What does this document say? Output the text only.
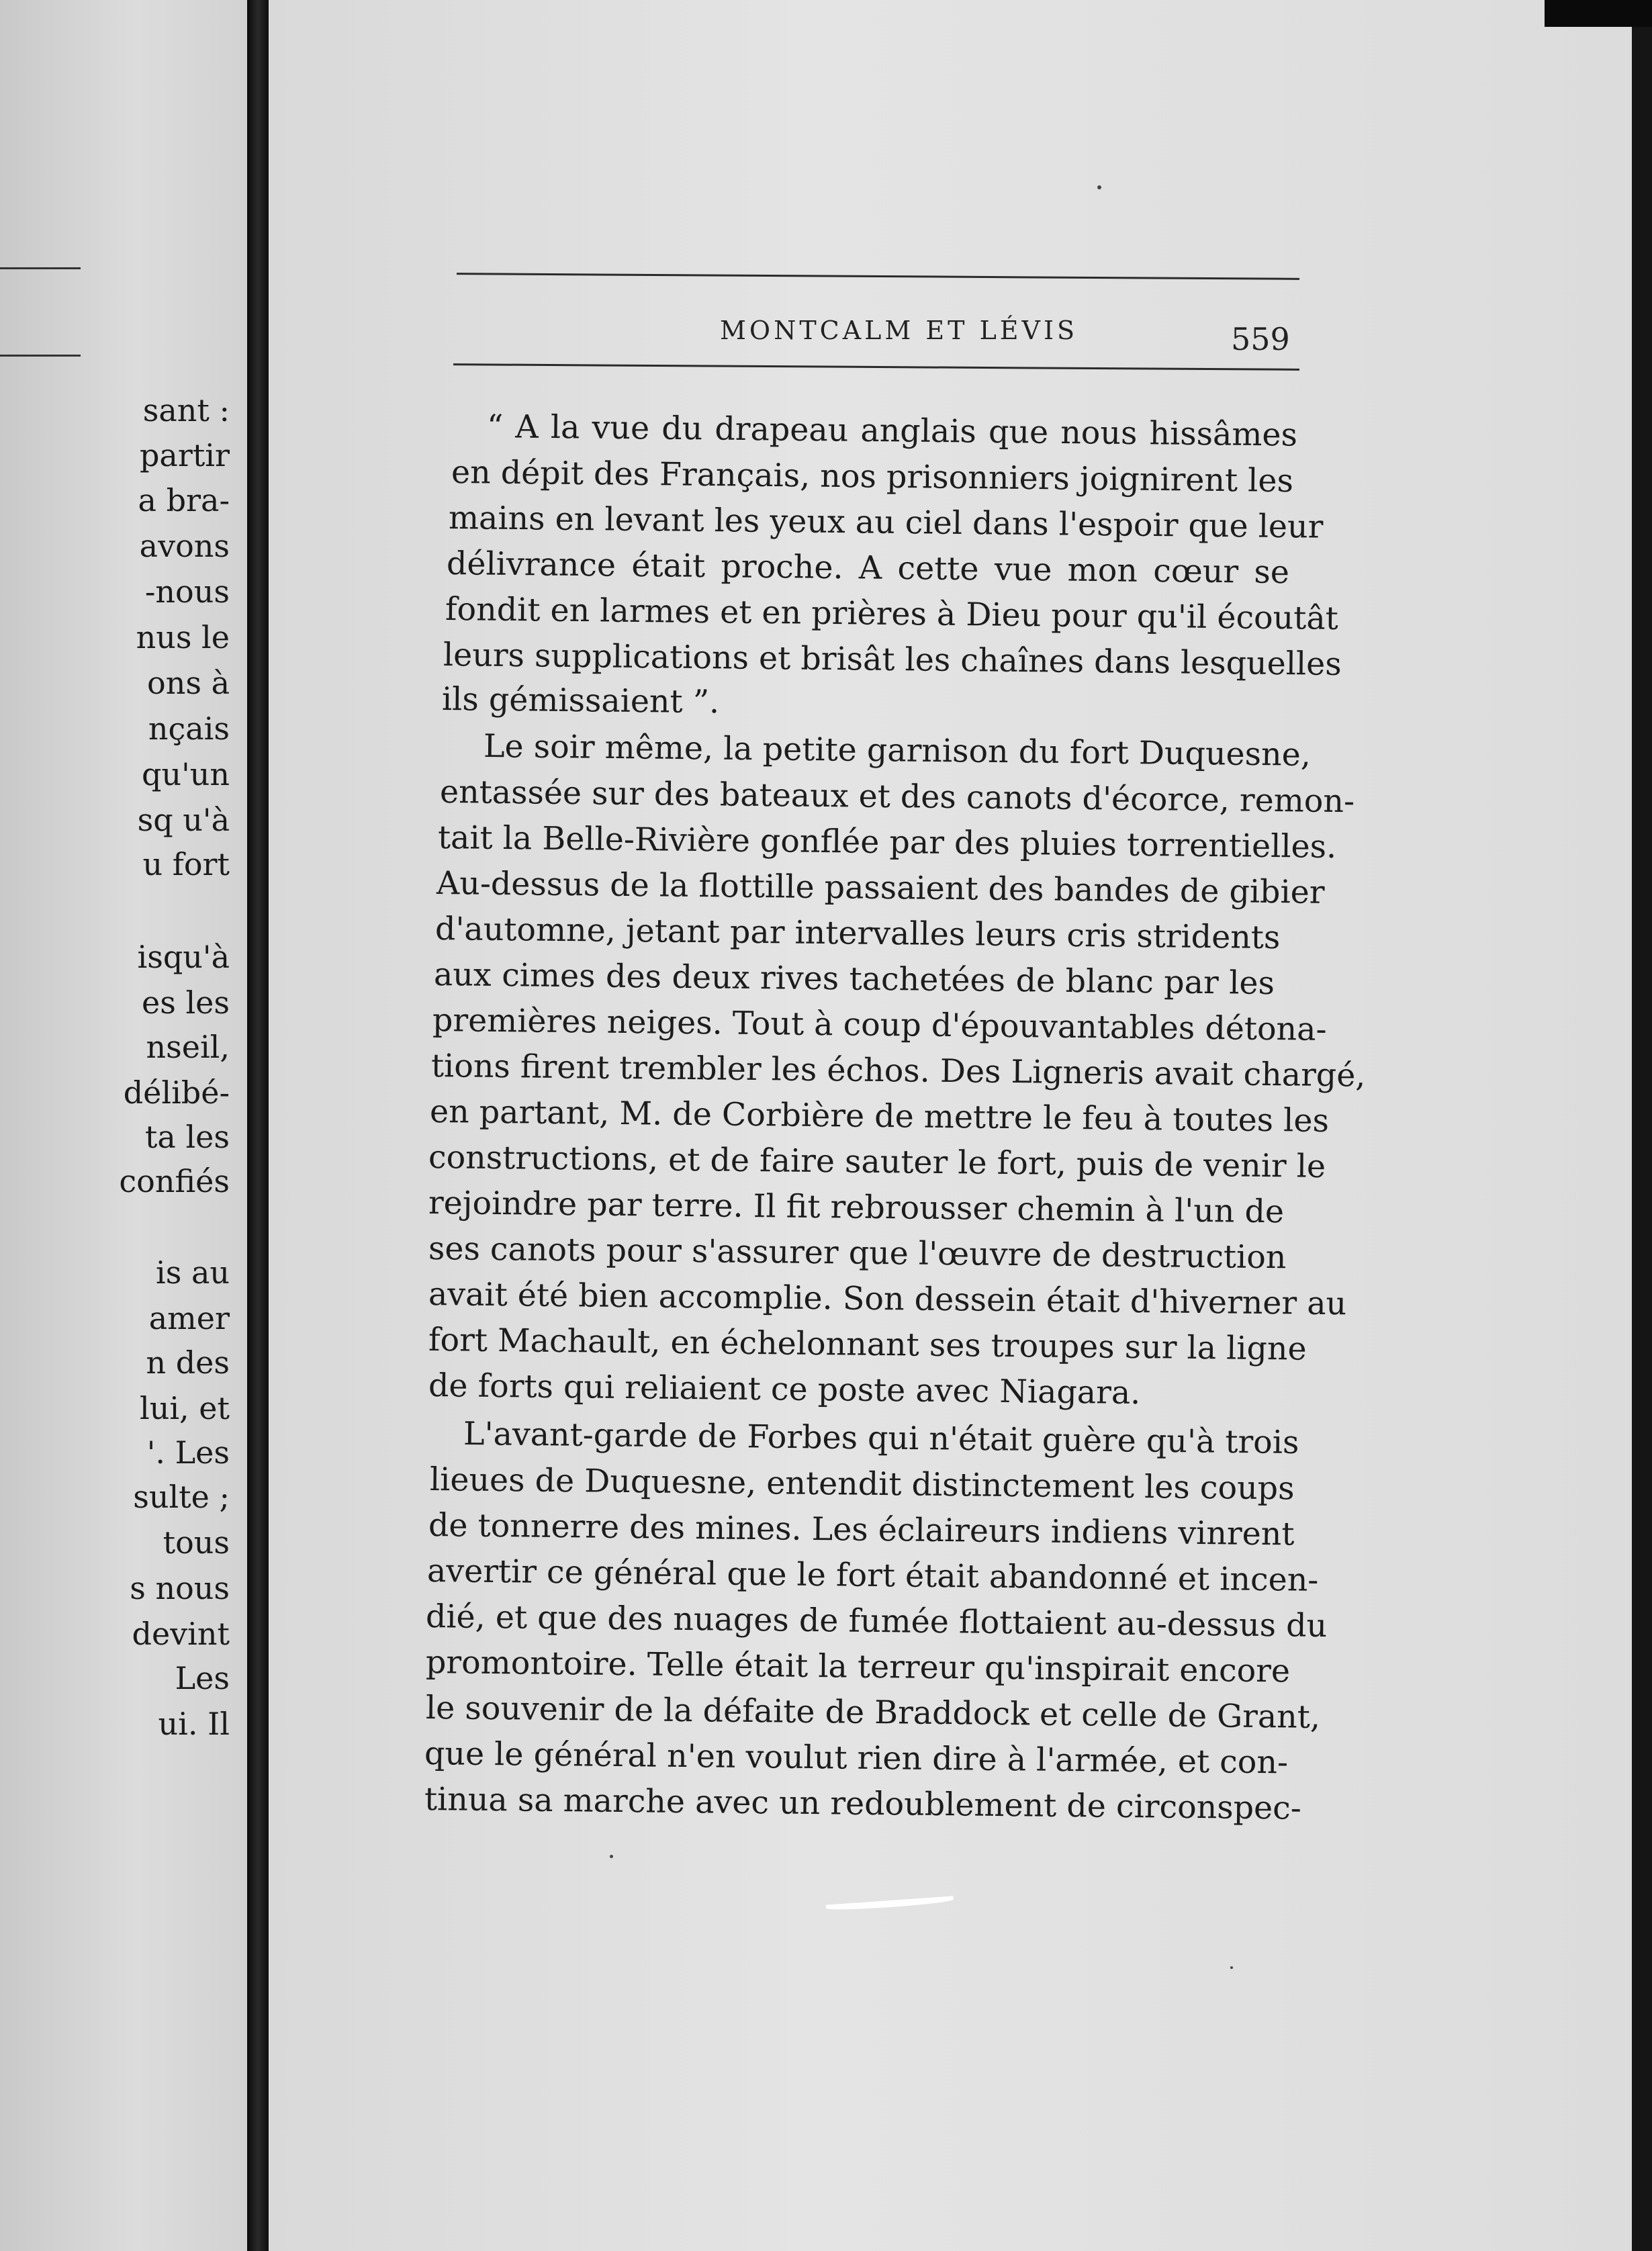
sant :
partir
a bra-
avons
-nous
nus le
ons à
nçais
qu'un
sq u'à
u fort
isqu'à
es les
nseil,
délibé-
ta les
confiés
is au
amer
n des
lui, et
'. Les
sulte ;
tous
s nous
devint
Les
ui. Il
MONTCALM ET LÉVIS	559
“ A la vue du drapeau anglais que nous hissâmes
en dépit des Français, nos prisonniers joignirent les
mains en levant les yeux au ciel dans l'espoir que leur
délivrance était proche. A cette vue mon cœur se
fondit en larmes et en prières à Dieu pour qu'il écoutât
leurs supplications et brisât les chaînes dans lesquelles
ils gémissaient ”.
Le soir même, la petite garnison du fort Duquesne,
entassée sur des bateaux et des canots d'écorce, remon-
tait la Belle-Rivière gonflée par des pluies torrentielles.
Au-dessus de la flottille passaient des bandes de gibier
d'automne, jetant par intervalles leurs cris stridents
aux cimes des deux rives tachetées de blanc par les
premières neiges. Tout à coup d'épouvantables détona-
tions firent trembler les échos. Des Ligneris avait chargé,
en partant, M. de Corbière de mettre le feu à toutes les
constructions, et de faire sauter le fort, puis de venir le
rejoindre par terre. Il fit rebrousser chemin à l'un de
ses canots pour s'assurer que l'œuvre de destruction
avait été bien accomplie. Son dessein était d'hiverner au
fort Machault, en échelonnant ses troupes sur la ligne
de forts qui reliaient ce poste avec Niagara.
L'avant-garde de Forbes qui n'était guère qu'à trois
lieues de Duquesne, entendit distinctement les coups
de tonnerre des mines. Les éclaireurs indiens vinrent
avertir ce général que le fort était abandonné et incen-
dié, et que des nuages de fumée flottaient au-dessus du
promontoire. Telle était la terreur qu'inspirait encore
le souvenir de la défaite de Braddock et celle de Grant,
que le général n'en voulut rien dire à l'armée, et con-
tinua sa marche avec un redoublement de circonspec-
